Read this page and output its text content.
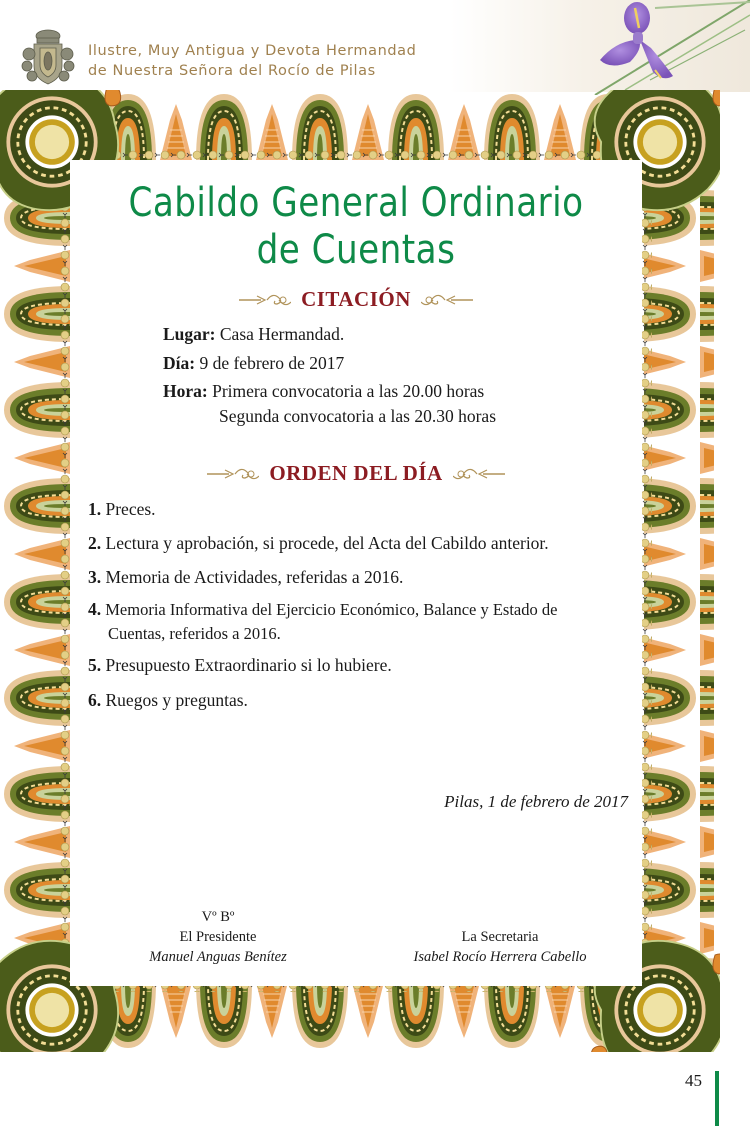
Ilustre, Muy Antigua y Devota Hermandad
de Nuestra Señora del Rocío de Pilas
Cabildo General Ordinario
de Cuentas
CITACIÓN
Lugar: Casa Hermandad.
Día: 9 de febrero de 2017
Hora: Primera convocatoria a las 20.00 horas
Segunda convocatoria a las 20.30 horas
ORDEN DEL DÍA
1. Preces.
2. Lectura y aprobación, si procede, del Acta del Cabildo anterior.
3. Memoria de Actividades, referidas a 2016.
4. Memoria Informativa del Ejercicio Económico, Balance y Estado de
Cuentas, referidos a 2016.
5. Presupuesto Extraordinario si lo hubiere.
6. Ruegos y preguntas.
Pilas, 1 de febrero de 2017
Vº Bº
El Presidente
Manuel Anguas Benítez
La Secretaria
Isabel Rocío Herrera Cabello
45
